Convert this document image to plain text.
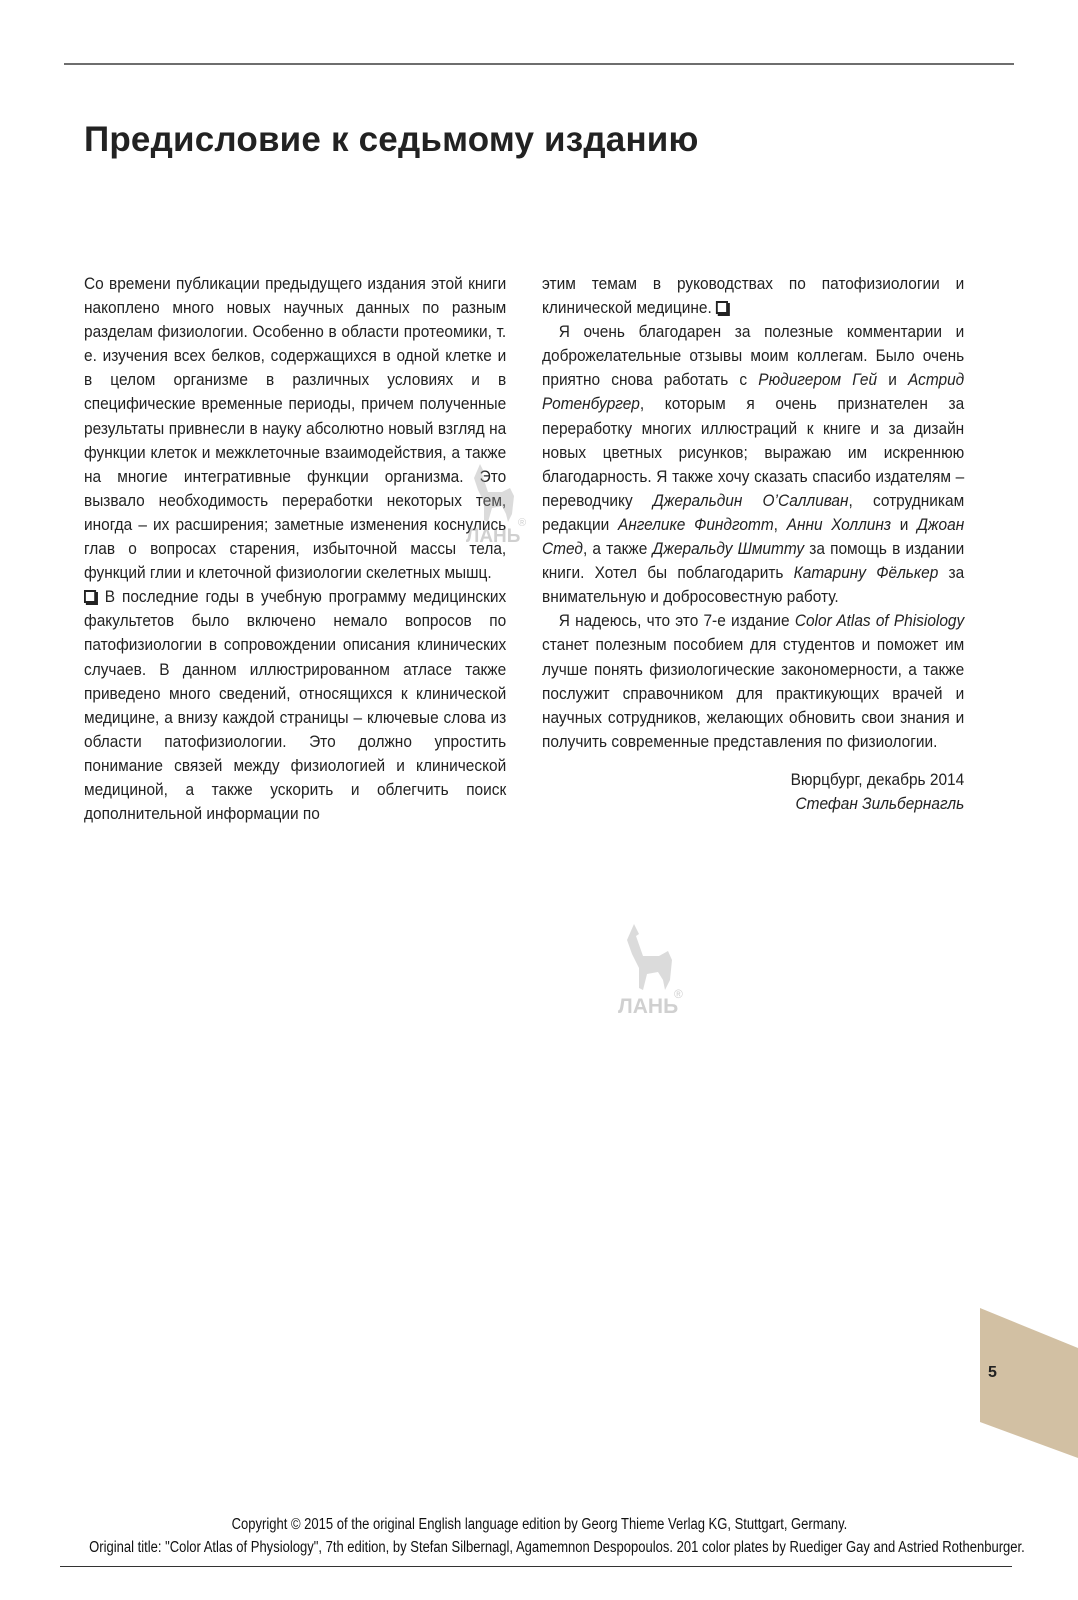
Предисловие к седьмому изданию

Со времени публикации предыдущего издания этой книги накоплено много новых научных данных по разным разделам физиологии. Особенно в области протеомики, т. е. изучения всех белков, содержащихся в одной клетке и в целом организме в различных условиях и в специфические временные периоды, причем полученные результаты привнесли в науку абсолютно новый взгляд на функции клеток и межклеточные взаимодействия, а также на многие интегративные функции организма. Это вызвало необходимость переработки некоторых тем, иногда – их расширения; заметные изменения коснулись глав о вопросах старения, избыточной массы тела, функций глии и клеточной физиологии скелетных мышц.

В последние годы в учебную программу медицинских факультетов было включено немало вопросов по патофизиологии в сопровождении описания клинических случаев. В данном иллюстрированном атласе также приведено много сведений, относящихся к клинической медицине, а внизу каждой страницы – ключевые слова из области патофизиологии. Это должно упростить понимание связей между физиологией и клинической медициной, а также ускорить и облегчить поиск дополнительной информации по

этим темам в руководствах по патофизиологии и клинической медицине.

Я очень благодарен за полезные комментарии и доброжелательные отзывы моим коллегам. Было очень приятно снова работать с Рюдигером Гей и Астрид Ротенбургер, которым я очень признателен за переработку многих иллюстраций к книге и за дизайн новых цветных рисунков; выражаю им искреннюю благодарность. Я также хочу сказать спасибо издателям – переводчику Джеральдин О’Салливан, сотрудникам редакции Ангелике Финдготт, Анни Холлинз и Джоан Стед, а также Джеральду Шмитту за помощь в издании книги. Хотел бы поблагодарить Катарину Фёлькер за внимательную и добросовестную работу.

Я надеюсь, что это 7-е издание Color Atlas of Phisiology станет полезным пособием для студентов и поможет им лучше понять физиологические закономерности, а также послужит справочником для практикующих врачей и научных сотрудников, желающих обновить свои знания и получить современные представления по физиологии.

Вюрцбург, декабрь 2014

Стефан Зильбернагль

ЛАНЬ
®
ЛАНЬ
®
5
Copyright © 2015 of the original English language edition by Georg Thieme Verlag KG, Stuttgart, Germany.
Original title: "Color Atlas of Physiology", 7th edition, by Stefan Silbernagl, Agamemnon Despopoulos. 201 color plates by Ruediger Gay and Astried Rothenburger.
